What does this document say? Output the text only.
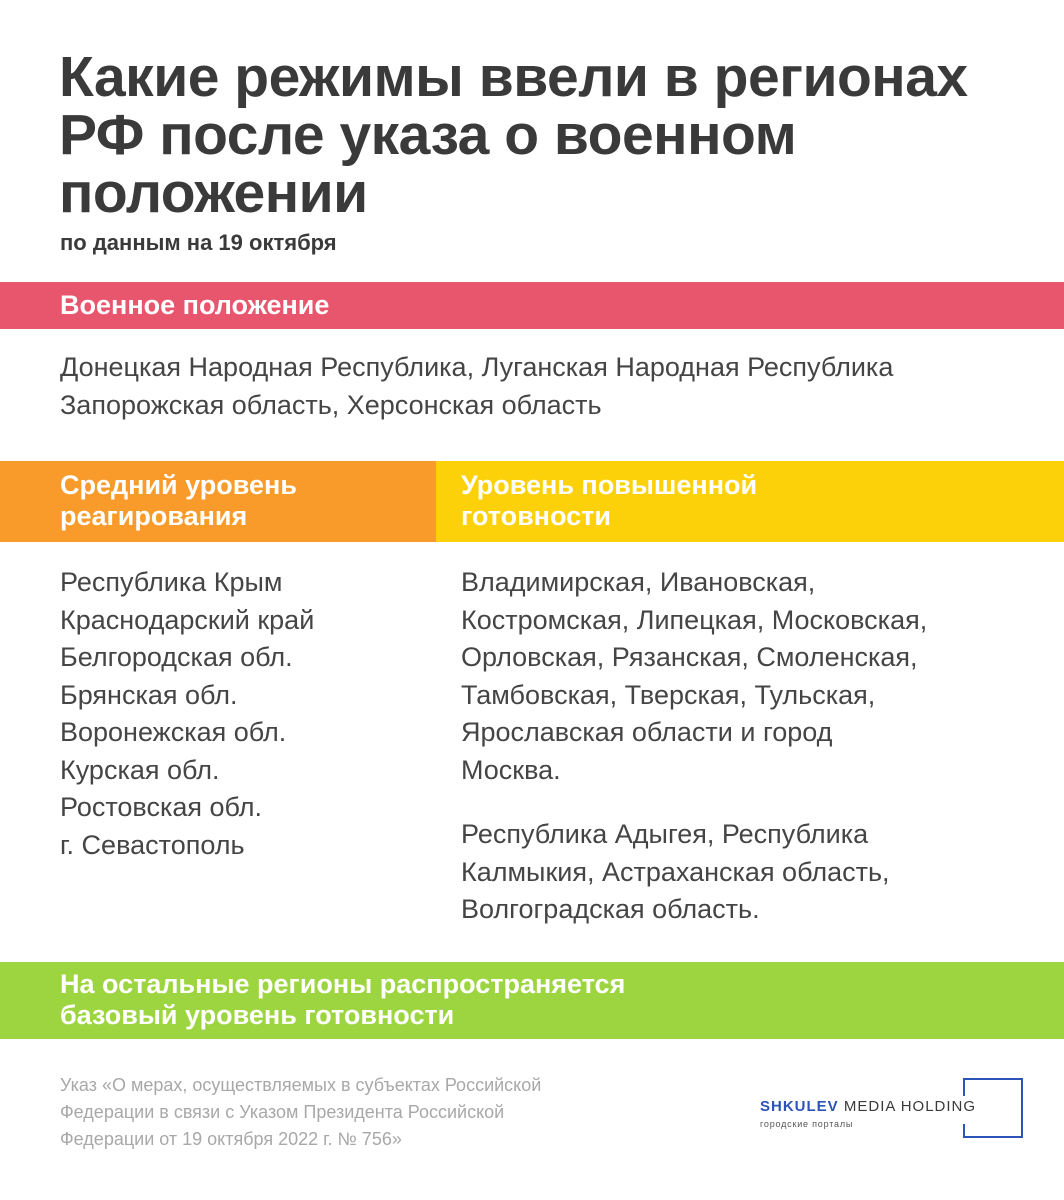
Какие режимы ввели в регионах
РФ после указа о военном
положении
по данным на 19 октября
Военное положение
Донецкая Народная Республика, Луганская Народная Республика
Запорожская область, Херсонская область
Средний уровень
реагирования
Уровень повышенной
готовности
Республика Крым
Краснодарский край
Белгородская обл.
Брянская обл.
Воронежская обл.
Курская обл.
Ростовская обл.
г. Севастополь
Владимирская, Ивановская,
Костромская, Липецкая, Московская,
Орловская, Рязанская, Смоленская,
Тамбовская, Тверская, Тульская,
Ярославская области и город
Москва.
Республика Адыгея, Республика
Калмыкия, Астраханская область,
Волгоградская область.
На остальные регионы распространяется
базовый уровень готовности
Указ «О мерах, осуществляемых в субъектах Российской
Федерации в связи с Указом Президента Российской
Федерации от 19 октября 2022 г. № 756»
SHKULEV MEDIA HOLDING
городские порталы
